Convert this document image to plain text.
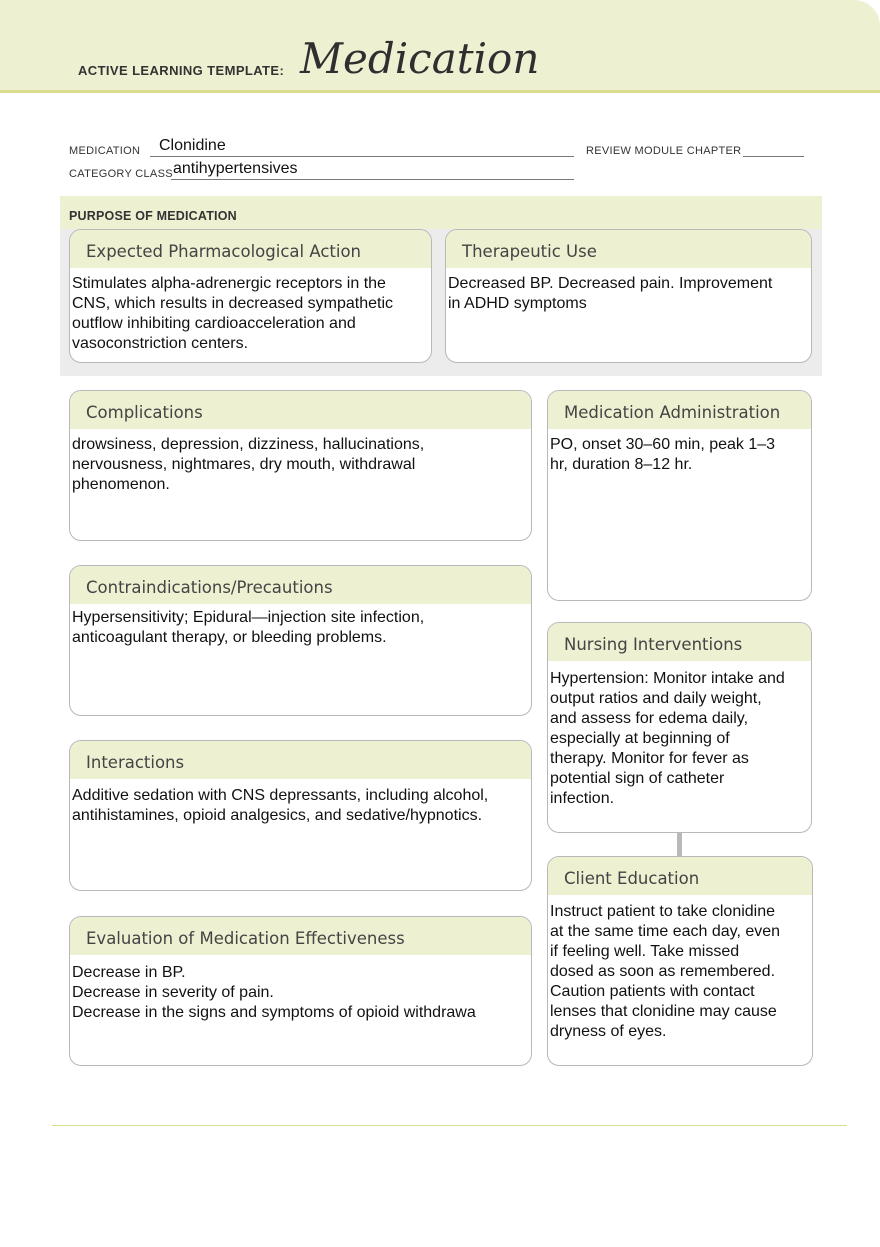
ACTIVE LEARNING TEMPLATE: Medication
MEDICATION Clonidine	REVIEW MODULE CHAPTER
CATEGORY CLASS antihypertensives
PURPOSE OF MEDICATION
Expected Pharmacological Action
Stimulates alpha-adrenergic receptors in the
CNS, which results in decreased sympathetic
outflow inhibiting cardioacceleration and
vasoconstriction centers.
Therapeutic Use
Decreased BP. Decreased pain. Improvement
in ADHD symptoms
Complications
drowsiness, depression, dizziness, hallucinations,
nervousness, nightmares, dry mouth, withdrawal
phenomenon.
Medication Administration
PO, onset 30–60 min, peak 1–3
hr, duration 8–12 hr.
Contraindications/Precautions
Hypersensitivity; Epidural—injection site infection,
anticoagulant therapy, or bleeding problems.	Nursing Interventions
Hypertension: Monitor intake and
output ratios and daily weight,
and assess for edema daily,
especially at beginning of
therapy. Monitor for fever as
potential sign of catheter
infection.
Interactions
Additive sedation with CNS depressants, including alcohol,
antihistamines, opioid analgesics, and sedative/hypnotics.
Client Education
Instruct patient to take clonidine
at the same time each day, even
if feeling well. Take missed
dosed as soon as remembered.
Caution patients with contact
lenses that clonidine may cause
dryness of eyes.
Evaluation of Medication Effectiveness
Decrease in BP.
Decrease in severity of pain.
Decrease in the signs and symptoms of opioid withdrawa
